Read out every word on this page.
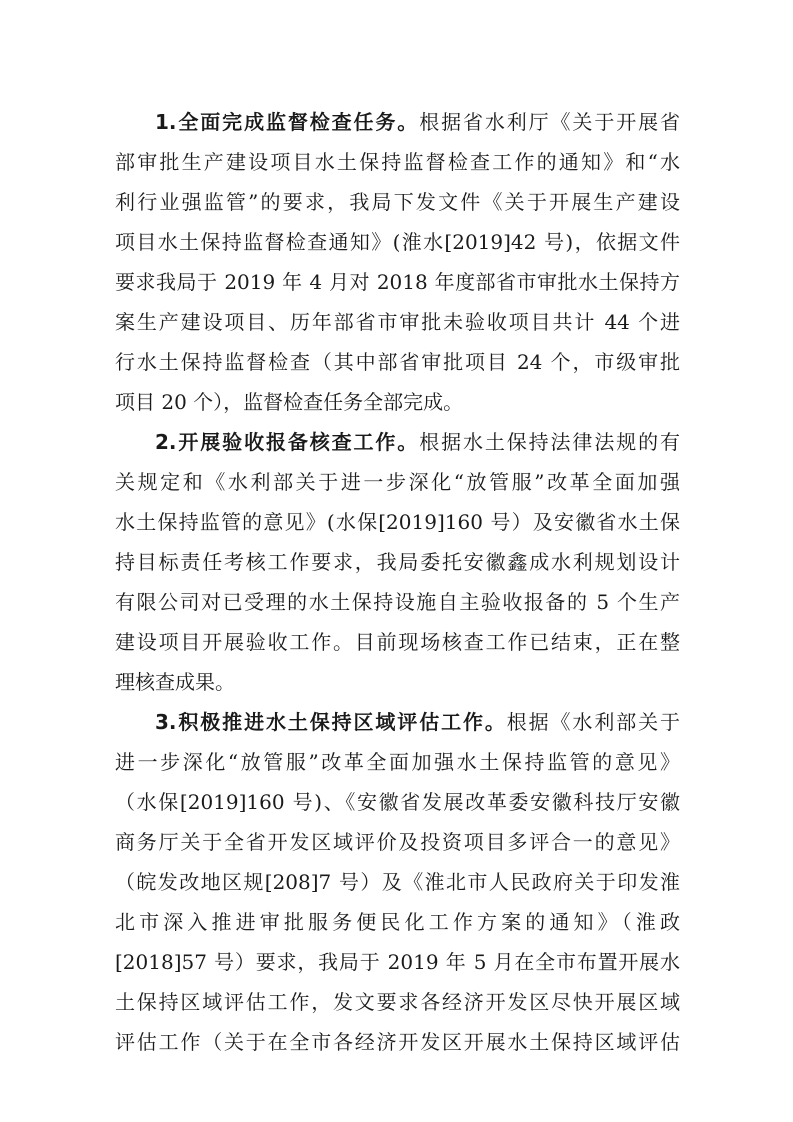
1.全面完成监督检查任务。根据省水利厅《关于开展省
部审批生产建设项目水土保持监督检查工作的通知》和“水
利行业强监管”的要求，我局下发文件《关于开展生产建设
项目水土保持监督检查通知》(淮水[2019]42 号)，依据文件
要求我局于 2019 年 4 月对 2018 年度部省市审批水土保持方
案生产建设项目、历年部省市审批未验收项目共计 44 个进
行水土保持监督检查（其中部省审批项目 24 个，市级审批
项目 20 个），监督检查任务全部完成。
2.开展验收报备核查工作。根据水土保持法律法规的有
关规定和《水利部关于进一步深化“放管服”改革全面加强
水土保持监管的意见》(水保[2019]160 号）及安徽省水土保
持目标责任考核工作要求，我局委托安徽鑫成水利规划设计
有限公司对已受理的水土保持设施自主验收报备的 5 个生产
建设项目开展验收工作。目前现场核查工作已结束，正在整
理核查成果。
3.积极推进水土保持区域评估工作。根据《水利部关于
进一步深化“放管服”改革全面加强水土保持监管的意见》
（水保[2019]160 号)、《安徽省发展改革委安徽科技厅安徽
商务厅关于全省开发区域评价及投资项目多评合一的意见》
（皖发改地区规[208]7 号）及《淮北市人民政府关于印发淮
北市深入推进审批服务便民化工作方案的通知》（淮政
[2018]57 号）要求，我局于 2019 年 5 月在全市布置开展水
土保持区域评估工作，发文要求各经济开发区尽快开展区域
评估工作（关于在全市各经济开发区开展水土保持区域评估
